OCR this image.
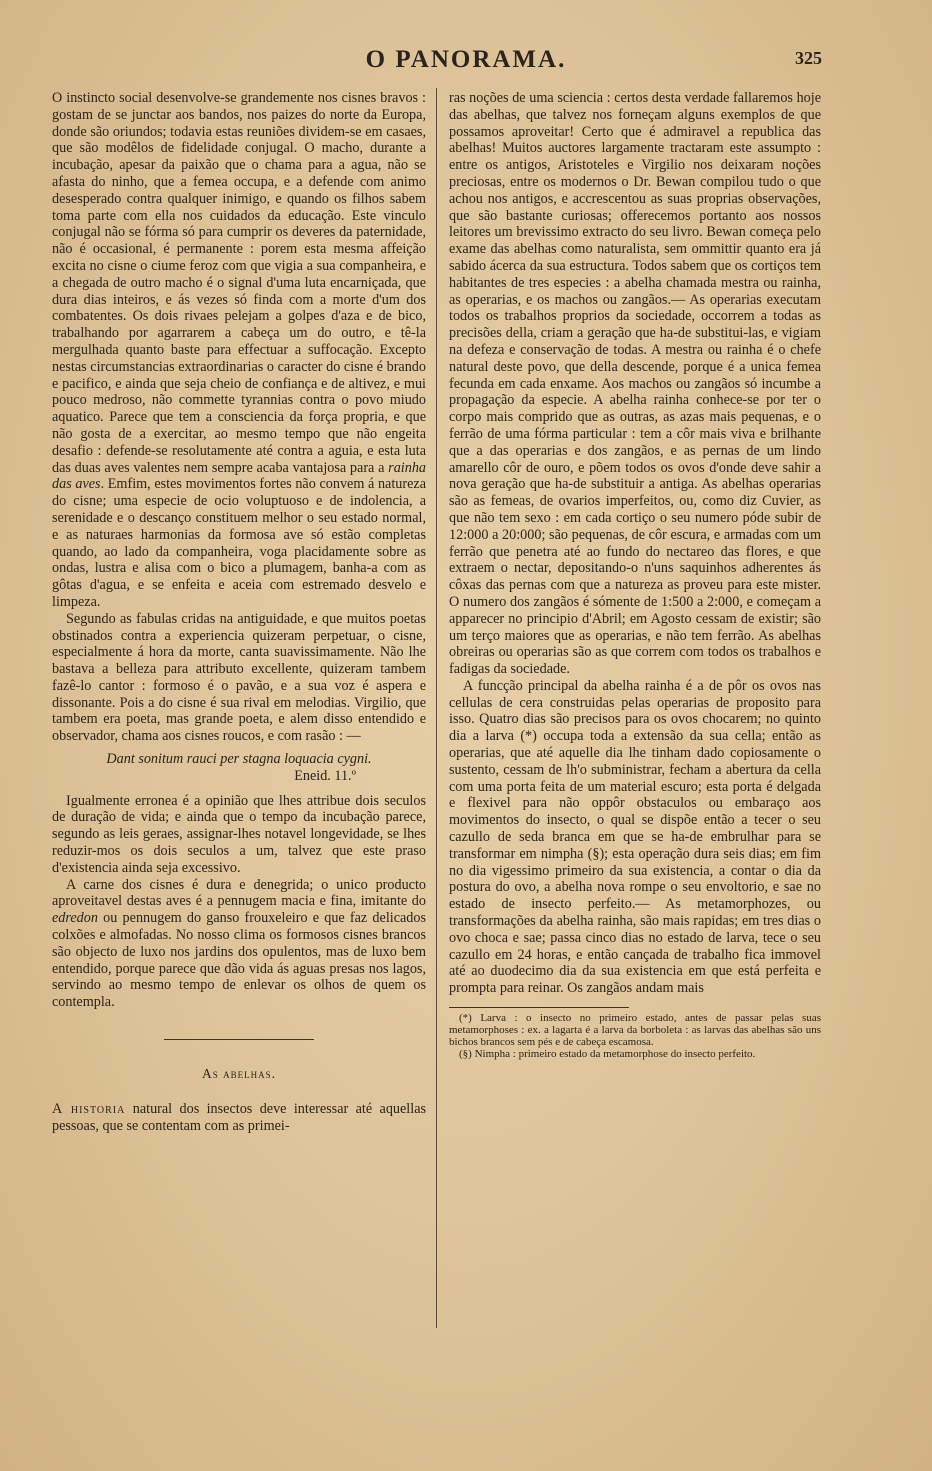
O PANORAMA.	325

O instincto social desenvolve-se grandemente nos cisnes bravos : gostam de se junctar aos bandos, nos paizes do norte da Europa, donde são oriundos; todavia estas reuniões dividem-se em casaes, que são modêlos de fidelidade conjugal. O macho, durante a incubação, apesar da paixão que o chama para a agua, não se afasta do ninho, que a femea occupa, e a defende com animo desesperado contra qualquer inimigo, e quando os filhos sabem toma parte com ella nos cuidados da educação. Este vinculo conjugal não se fórma só para cumprir os deveres da paternidade, não é occasional, é permanente : porem esta mesma affeição excita no cisne o ciume feroz com que vigia a sua companheira, e a chegada de outro macho é o signal d'uma luta encarniçada, que dura dias inteiros, e ás vezes só finda com a morte d'um dos combatentes. Os dois rivaes pelejam a golpes d'aza e de bico, trabalhando por agarrarem a cabeça um do outro, e tê-la mergulhada quanto baste para effectuar a suffocação. Excepto nestas circumstancias extraordinarias o caracter do cisne é brando e pacifico, e ainda que seja cheio de confiança e de altivez, e mui pouco medroso, não commette tyrannias contra o povo miudo aquatico. Parece que tem a consciencia da força propria, e que não gosta de a exercitar, ao mesmo tempo que não engeita desafio : defende-se resolutamente até contra a aguia, e esta luta das duas aves valentes nem sempre acaba vantajosa para a rainha das aves. Emfim, estes movimentos fortes não convem á natureza do cisne; uma especie de ocio voluptuoso e de indolencia, a serenidade e o descanço constituem melhor o seu estado normal, e as naturaes harmonias da formosa ave só estão completas quando, ao lado da companheira, voga placidamente sobre as ondas, lustra e alisa com o bico a plumagem, banha-a com as gôtas d'agua, e se enfeita e aceia com estremado desvelo e limpeza.

Segundo as fabulas cridas na antiguidade, e que muitos poetas obstinados contra a experiencia quizeram perpetuar, o cisne, especialmente á hora da morte, canta suavissimamente. Não lhe bastava a belleza para attributo excellente, quizeram tambem fazê-lo cantor : formoso é o pavão, e a sua voz é aspera e dissonante. Pois a do cisne é sua rival em melodias. Virgilio, que tambem era poeta, mas grande poeta, e alem disso entendido e observador, chama aos cisnes roucos, e com rasão : —

Dant sonitum rauci per stagna loquacia cygni.
Eneid. 11.º

Igualmente erronea é a opinião que lhes attribue dois seculos de duração de vida; e ainda que o tempo da incubação parece, segundo as leis geraes, assignar-lhes notavel longevidade, se lhes reduzir-mos os dois seculos a um, talvez que este praso d'existencia ainda seja excessivo.

A carne dos cisnes é dura e denegrida; o unico producto aproveitavel destas aves é a pennugem macia e fina, imitante do edredon ou pennugem do ganso frouxeleiro e que faz delicados colxões e almofadas. No nosso clima os formosos cisnes brancos são objecto de luxo nos jardins dos opulentos, mas de luxo bem entendido, porque parece que dão vida ás aguas presas nos lagos, servindo ao mesmo tempo de enlevar os olhos de quem os contempla.

As abelhas.

A historia natural dos insectos deve interessar até aquellas pessoas, que se contentam com as primei-

ras noções de uma sciencia : certos desta verdade fallaremos hoje das abelhas, que talvez nos forneçam alguns exemplos de que possamos aproveitar! Certo que é admiravel a republica das abelhas! Muitos auctores largamente tractaram este assumpto : entre os antigos, Aristoteles e Virgilio nos deixaram noções preciosas, entre os modernos o Dr. Bewan compilou tudo o que achou nos antigos, e accrescentou as suas proprias observações, que são bastante curiosas; offerecemos portanto aos nossos leitores um brevissimo extracto do seu livro. Bewan começa pelo exame das abelhas como naturalista, sem ommittir quanto era já sabido ácerca da sua estructura. Todos sabem que os cortiços tem habitantes de tres especies : a abelha chamada mestra ou rainha, as operarias, e os machos ou zangãos.— As operarias executam todos os trabalhos proprios da sociedade, occorrem a todas as precisões della, criam a geração que ha-de substitui-las, e vigiam na defeza e conservação de todas. A mestra ou rainha é o chefe natural deste povo, que della descende, porque é a unica femea fecunda em cada enxame. Aos machos ou zangãos só incumbe a propagação da especie. A abelha rainha conhece-se por ter o corpo mais comprido que as outras, as azas mais pequenas, e o ferrão de uma fórma particular : tem a côr mais viva e brilhante que a das operarias e dos zangãos, e as pernas de um lindo amarello côr de ouro, e põem todos os ovos d'onde deve sahir a nova geração que ha-de substituir a antiga. As abelhas operarias são as femeas, de ovarios imperfeitos, ou, como diz Cuvier, as que não tem sexo : em cada cortiço o seu numero póde subir de 12:000 a 20:000; são pequenas, de côr escura, e armadas com um ferrão que penetra até ao fundo do nectareo das flores, e que extraem o nectar, depositando-o n'uns saquinhos adherentes ás côxas das pernas com que a natureza as proveu para este mister. O numero dos zangãos é sómente de 1:500 a 2:000, e começam a apparecer no principio d'Abril; em Agosto cessam de existir; são um terço maiores que as operarias, e não tem ferrão. As abelhas obreiras ou operarias são as que correm com todos os trabalhos e fadigas da sociedade.

A funcção principal da abelha rainha é a de pôr os ovos nas cellulas de cera construidas pelas operarias de proposito para isso. Quatro dias são precisos para os ovos chocarem; no quinto dia a larva (*) occupa toda a extensão da sua cella; então as operarias, que até aquelle dia lhe tinham dado copiosamente o sustento, cessam de lh'o subministrar, fecham a abertura da cella com uma porta feita de um material escuro; esta porta é delgada e flexivel para não oppôr obstaculos ou embaraço aos movimentos do insecto, o qual se dispõe então a tecer o seu cazullo de seda branca em que se ha-de embrulhar para se transformar em nimpha (§); esta operação dura seis dias; em fim no dia vigessimo primeiro da sua existencia, a contar o dia da postura do ovo, a abelha nova rompe o seu envoltorio, e sae no estado de insecto perfeito.— As metamorphozes, ou transformações da abelha rainha, são mais rapidas; em tres dias o ovo choca e sae; passa cinco dias no estado de larva, tece o seu cazullo em 24 horas, e então cançada de trabalho fica immovel até ao duodecimo dia da sua existencia em que está perfeita e prompta para reinar. Os zangãos andam mais

(*) Larva : o insecto no primeiro estado, antes de passar pelas suas metamorphoses : ex. a lagarta é a larva da borboleta : as larvas das abelhas são uns bichos brancos sem pés e de cabeça escamosa.

(§) Nimpha : primeiro estado da metamorphose do insecto perfeito.
